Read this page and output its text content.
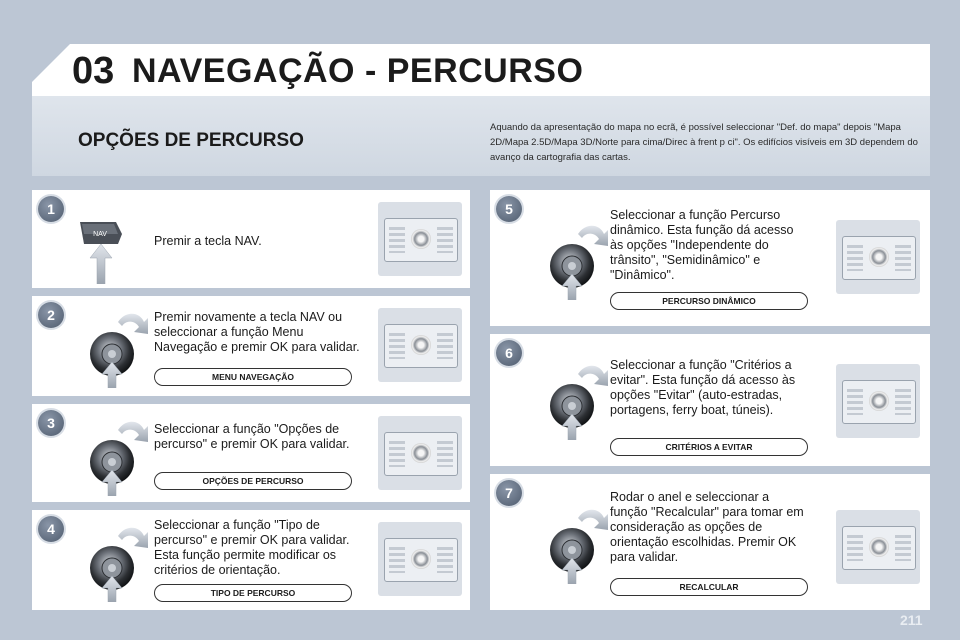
03 NAVEGAÇÃO - PERCURSO
OPÇÕES DE PERCURSO
Aquando da apresentação do mapa no ecrã, é possível seleccionar "Def. do mapa" depois "Mapa 2D/Mapa 2.5D/Mapa 3D/Norte para cima/Direc à frent p ci". Os edifícios visíveis em 3D dependem do avanço da cartografia das cartas.
1
NAV	Premir a tecla NAV.
2	Premir novamente a tecla NAV ou seleccionar a função Menu Navegação e premir OK para validar.
MENU NAVEGAÇÃO
3	Seleccionar a função "Opções de percurso" e premir OK para validar.
OPÇÕES DE PERCURSO
4	Seleccionar a função "Tipo de percurso" e premir OK para validar. Esta função permite modificar os critérios de orientação.
TIPO DE PERCURSO
5	Seleccionar a função Percurso dinâmico. Esta função dá acesso às opções "Independente do trânsito", "Semidinâmico" e "Dinâmico".
PERCURSO DINÂMICO
6
Seleccionar a função "Critérios a evitar". Esta função dá acesso às opções "Evitar" (auto-estradas, portagens, ferry boat, túneis).
CRITÉRIOS A EVITAR
7	Rodar o anel e seleccionar a função "Recalcular" para tomar em consideração as opções de orientação escolhidas. Premir OK para validar.
RECALCULAR
211
